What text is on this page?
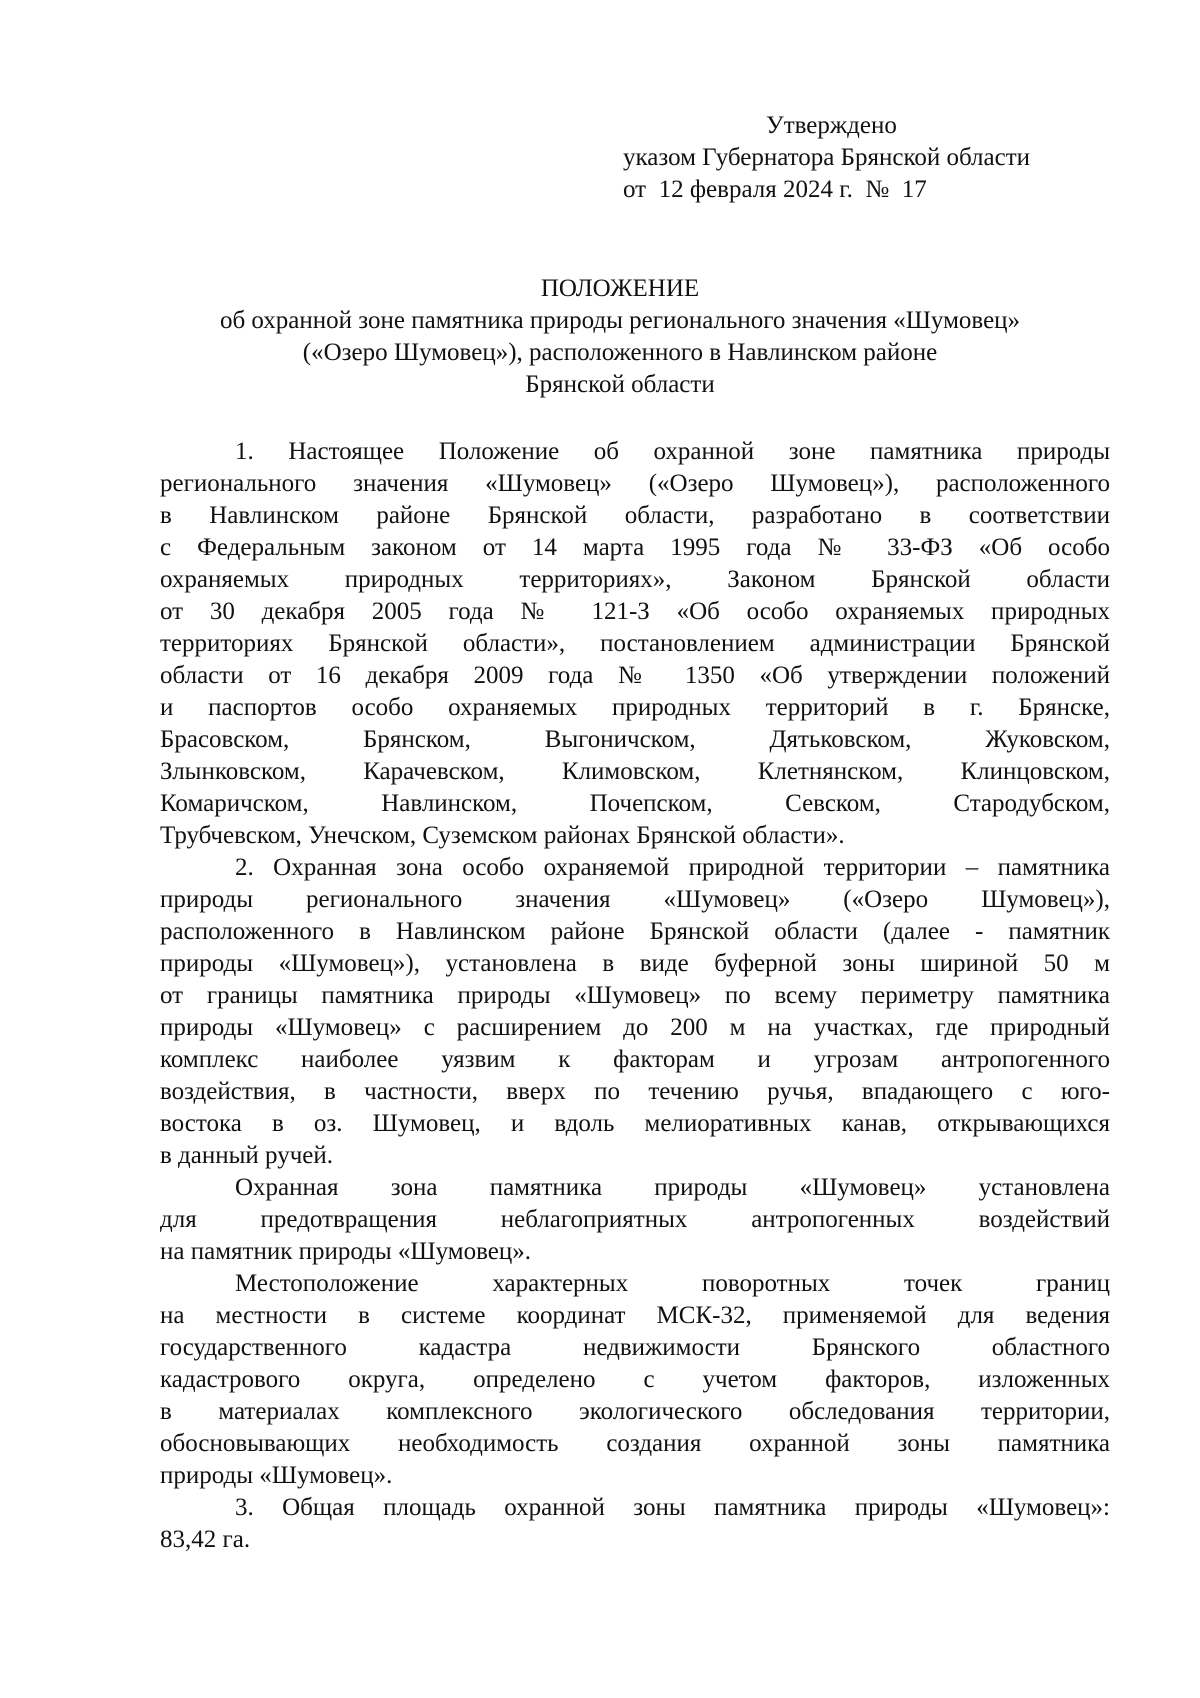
Утверждено
указом Губернатора Брянской области
от  12 февраля 2024 г.  №  17
ПОЛОЖЕНИЕ
об охранной зоне памятника природы регионального значения «Шумовец»
(«Озеро Шумовец»), расположенного в Навлинском районе
Брянской области
1. Настоящее Положение об охранной зоне памятника природы
регионального значения «Шумовец» («Озеро Шумовец»), расположенного
в Навлинском районе Брянской области, разработано в соответствии
с Федеральным законом от 14 марта 1995 года № 33-ФЗ «Об особо
охраняемых природных территориях», Законом Брянской области
от 30 декабря 2005 года № 121-З «Об особо охраняемых природных
территориях Брянской области», постановлением администрации Брянской
области от 16 декабря 2009 года № 1350 «Об утверждении положений
и паспортов особо охраняемых природных территорий в г. Брянске,
Брасовском, Брянском, Выгоничском, Дятьковском, Жуковском,
Злынковском, Карачевском, Климовском, Клетнянском, Клинцовском,
Комаричском, Навлинском, Почепском, Севском, Стародубском,
Трубчевском, Унечском, Суземском районах Брянской области».
2. Охранная зона особо охраняемой природной территории – памятника
природы регионального значения «Шумовец» («Озеро Шумовец»),
расположенного в Навлинском районе Брянской области (далее - памятник
природы «Шумовец»), установлена в виде буферной зоны шириной 50 м
от границы памятника природы «Шумовец» по всему периметру памятника
природы «Шумовец» с расширением до 200 м на участках, где природный
комплекс наиболее уязвим к факторам и угрозам антропогенного
воздействия, в частности, вверх по течению ручья, впадающего с юго-
востока в оз. Шумовец, и вдоль мелиоративных канав, открывающихся
в данный ручей.
Охранная зона памятника природы «Шумовец» установлена
для предотвращения неблагоприятных антропогенных воздействий
на памятник природы «Шумовец».
Местоположение характерных поворотных точек границ
на местности в системе координат МСК-32, применяемой для ведения
государственного кадастра недвижимости Брянского областного
кадастрового округа, определено с учетом факторов, изложенных
в материалах комплексного экологического обследования территории,
обосновывающих необходимость создания охранной зоны памятника
природы «Шумовец».
3. Общая площадь охранной зоны памятника природы «Шумовец»:
83,42 га.
